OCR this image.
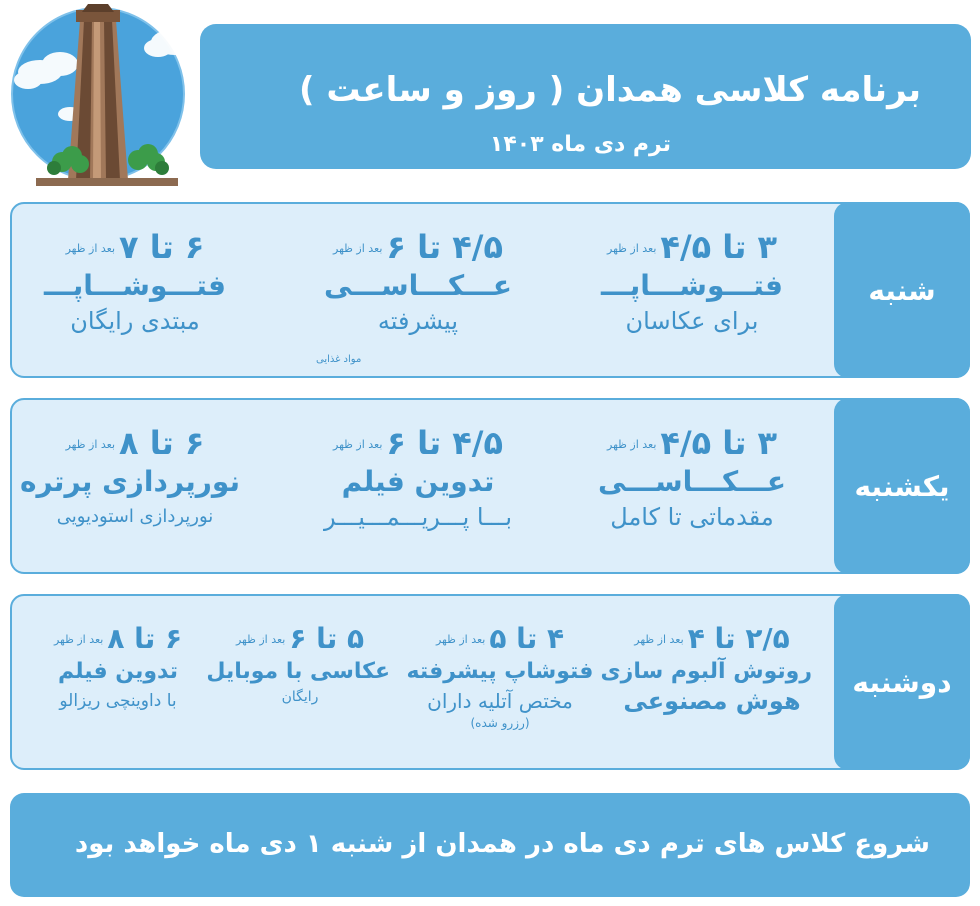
برنامه کلاسی همدان ( روز و ساعت )
ترم دی ماه ۱۴۰۳
شنبه
۳ تا ۴/۵بعد از ظهر
فتـــوشـــاپـــ
برای عکاسان
۴/۵ تا ۶بعد از ظهر
عـــکـــاســـی
پیشرفته
مواد غذایی
۶ تا ۷بعد از ظهر
فتـــوشـــاپـــ
مبتدی رایگان
یکشنبه
۳ تا ۴/۵بعد از ظهر
عـــکـــاســـی
مقدماتی تا کامل
۴/۵ تا ۶بعد از ظهر
تدوین فیلم
بـــا پـــریـــمـــیـــر
۶ تا ۸بعد از ظهر
نورپردازی پرتره
نورپردازی استودیویی
دوشنبه
۲/۵ تا ۴بعد از ظهر
روتوش آلبوم سازی
هوش مصنوعی
۴ تا ۵بعد از ظهر
فتوشاپ پیشرفته
مختص آتلیه داران
(رزرو شده)
۵ تا ۶بعد از ظهر
عکاسی با موبایل
رایگان
۶ تا ۸بعد از ظهر
تدوین فیلم
با داوینچی ریزالو
شروع کلاس های ترم دی ماه در همدان از شنبه ۱ دی ماه خواهد بود
